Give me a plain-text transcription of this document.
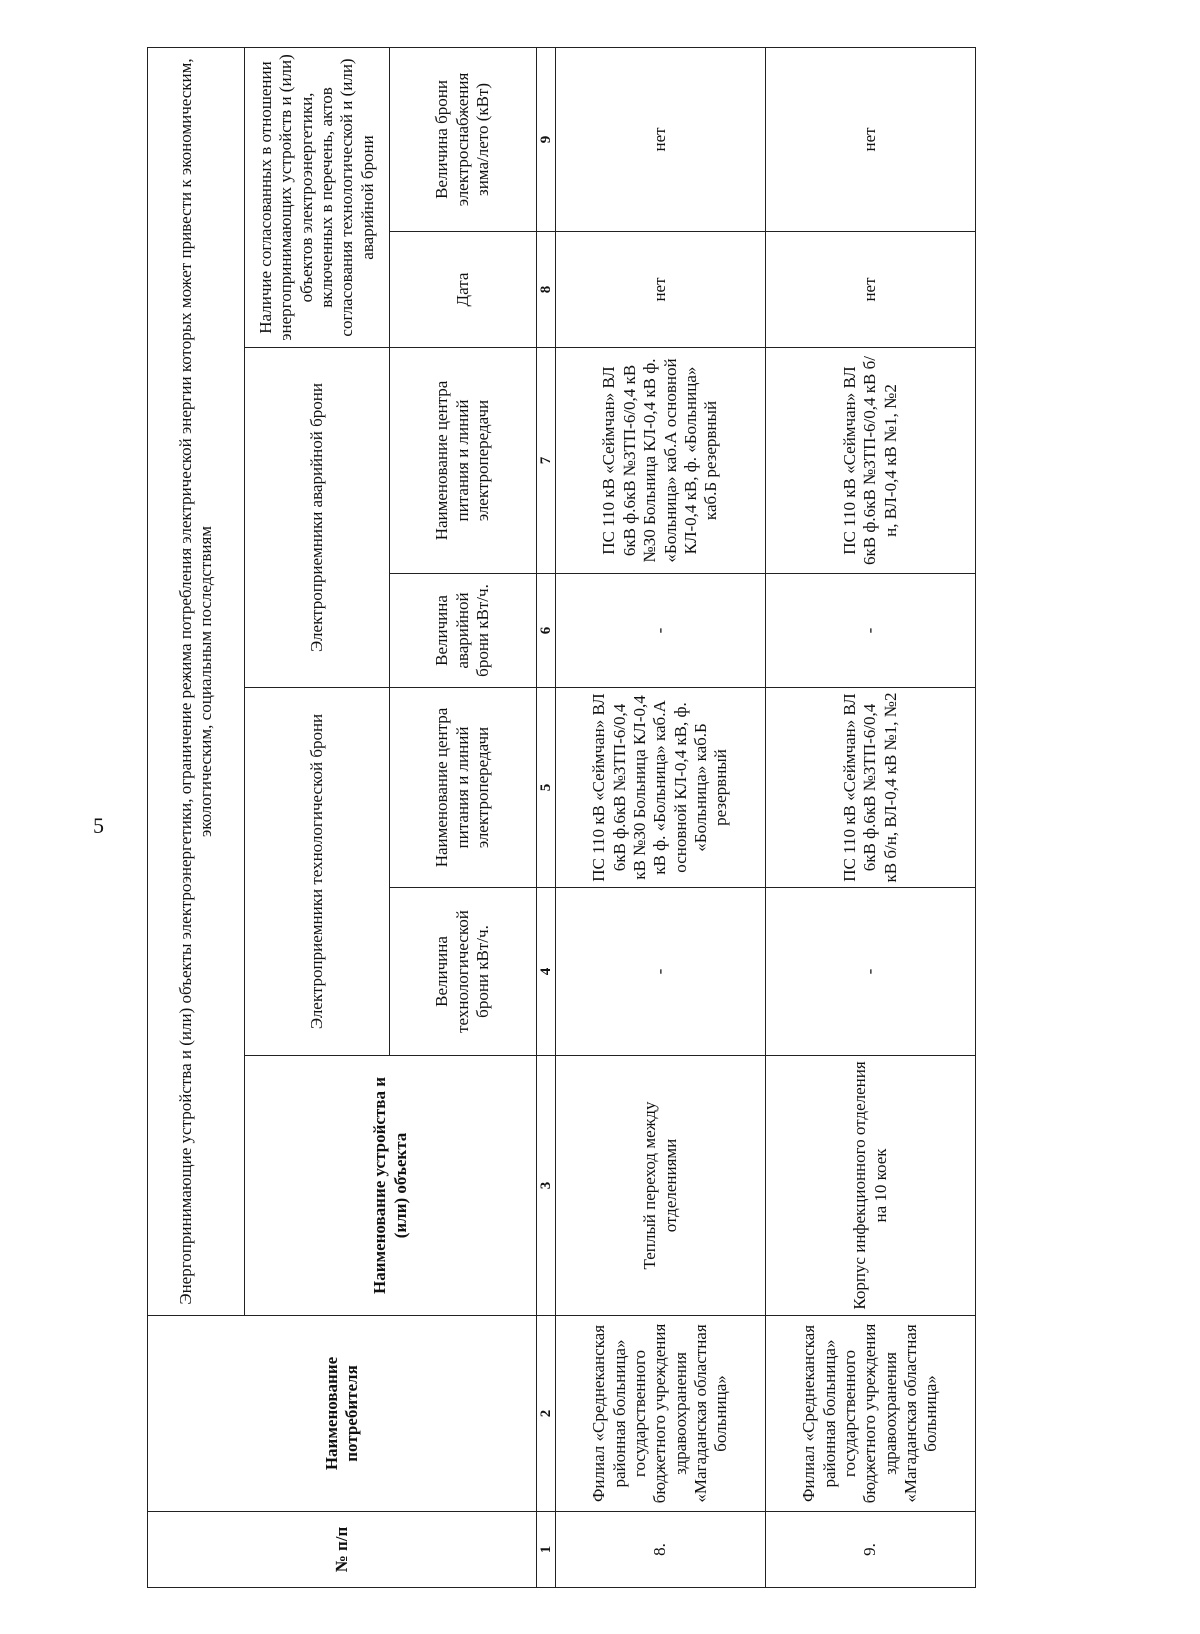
5
№ п/п	Наименование потребителя	Энергопринимающие устройства и (или) объекты электроэнергетики, ограничение режима потребления электрической энергии которых может привести к экономическим, экологическим, социальным последствиям						
		Наименование устройства и (или) объекта	Электроприемники технологической брони		Электроприемники аварийной брони		Наличие согласованных в отношении энергопринимающих устройств и (или) объектов электроэнергетики, включенных в перечень, актов согласования технологической и (или) аварийной брони	
			Величина технологической брони кВт/ч.	Наименование центра питания и линий электропередачи	Величина аварийной брони кВт/ч.	Наименование центра питания и линий электропередачи	Дата	Величина брони электроснабжения зима/лето (кВт)
1	2	3	4	5	6	7	8	9
8.	Филиал «Среднеканская районная больница» государственного бюджетного учреждения здравоохранения «Магаданская областная больница»	Теплый переход между отделениями	-	ПС 110 кВ «Сеймчан» ВЛ 6кВ ф.6кВ №3ТП-6/0,4 кВ №30 Больница КЛ-0,4 кВ ф. «Больница» каб.А основной КЛ-0,4 кВ, ф. «Больница» каб.Б резервный	-	ПС 110 кВ «Сеймчан» ВЛ 6кВ ф.6кВ №3ТП-6/0,4 кВ №30 Больница КЛ-0,4 кВ ф. «Больница» каб.А основной КЛ-0,4 кВ, ф. «Больница» каб.Б резервный	нет	нет
9.	Филиал «Среднеканская районная больница» государственного бюджетного учреждения здравоохранения «Магаданская областная больница»	Корпус инфекционного отделения на 10 коек	-	ПС 110 кВ «Сеймчан» ВЛ 6кВ ф.6кВ №3ТП-6/0,4 кВ б/н, ВЛ-0,4 кВ №1, №2	-	ПС 110 кВ «Сеймчан» ВЛ 6кВ ф.6кВ №3ТП-6/0,4 кВ б/н, ВЛ-0,4 кВ №1, №2	нет	нет
